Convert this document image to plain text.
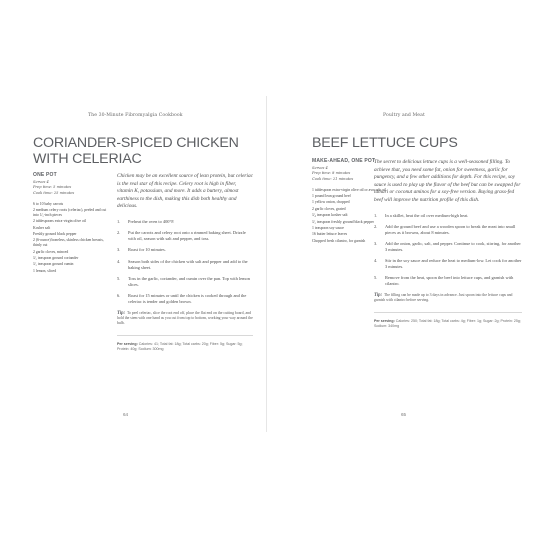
The 30-Minute Fibromyalgia Cookbook
CORIANDER-SPICED CHICKEN WITH CELERIAC
ONE POT
Serves 4
Prep time: 5 minutes
Cook time: 25 minutes
6 to 10 baby carrots
2 medium celery roots (celeriac), peeled and cut into 1⁄₂-inch pieces
2 tablespoons extra-virgin olive oil
Kosher salt
Freshly ground black pepper
2 (6-ounce) boneless, skinless chicken breasts, thinly cut
2 garlic cloves, minced
1⁄₂ teaspoon ground coriander
1⁄₂ teaspoon ground cumin
1 lemon, sliced

Chicken may be an excellent source of lean protein, but celeriac is the real star of this recipe. Celery root is high in fiber, vitamin K, potassium, and more. It adds a buttery, almost earthiness to the dish, making this dish both healthy and delicious.

1. Preheat the oven to 400°F.
2. Put the carrots and celery root onto a rimmed baking sheet. Drizzle with oil, season with salt and pepper, and toss.
3. Roast for 10 minutes.
4. Season both sides of the chicken with salt and pepper and add to the baking sheet.
5. Toss in the garlic, coriander, and cumin over the pan. Top with lemon slices.
6. Roast for 15 minutes or until the chicken is cooked through and the celeriac is tender and golden brown.

Tip: To peel celeriac, slice the root end off, place the flat end on the cutting board, and hold the stem with one hand as you cut from top to bottom, working your way around the bulb.

Per serving: Calories: 41; Total fat: 18g; Total carbs: 20g; Fiber: 5g; Sugar: 5g; Protein: 40g; Sodium: 300mg

64
Poultry and Meat
BEEF LETTUCE CUPS
MAKE-AHEAD, ONE POT
Serves 4
Prep time: 8 minutes
Cook time: 21 minutes
1 tablespoon extra-virgin olive oil or avocado oil
1 pound lean ground beef
1 yellow onion, chopped
2 garlic cloves, grated
1⁄₄ teaspoon kosher salt
1⁄₂ teaspoon freshly ground black pepper
1 teaspoon soy sauce
16 butter lettuce leaves
Chopped fresh cilantro, for garnish

The secret to delicious lettuce cups is a well-seasoned filling. To achieve that, you need some fat, onion for sweetness, garlic for pungency, and a few other additions for depth. For this recipe, soy sauce is used to play up the flavor of the beef but can be swapped for tamari or coconut aminos for a soy-free version. Buying grass-fed beef will improve the nutrition profile of this dish.

1. In a skillet, heat the oil over medium-high heat.
2. Add the ground beef and use a wooden spoon to break the meat into small pieces as it browns, about 8 minutes.
3. Add the onion, garlic, salt, and pepper. Continue to cook, stirring, for another 3 minutes.
4. Stir in the soy sauce and reduce the heat to medium-low. Let cook for another 3 minutes.
5. Remove from the heat, spoon the beef into lettuce cups, and garnish with cilantro.

Tip: The filling can be made up to 3 days in advance. Just spoon into the lettuce cups and garnish with cilantro before serving.

Per serving: Calories: 250; Total fat: 18g; Total carbs: 4g; Fiber: 1g; Sugar: 2g; Protein: 25g; Sodium: 340mg

65
